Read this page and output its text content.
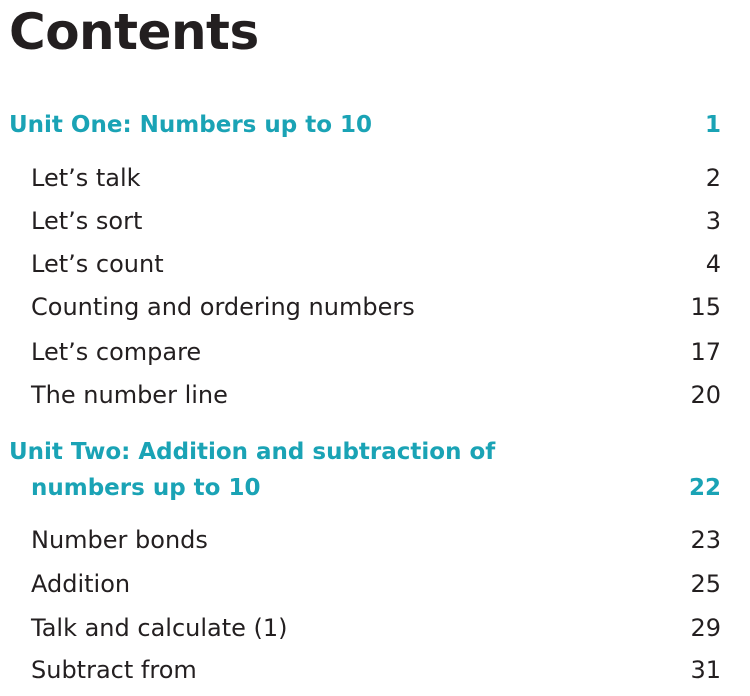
Contents
Unit One: Numbers up to 10	1
Let’s talk	2
Let’s sort	3
Let’s count	4
Counting and ordering numbers	15
Let’s compare	17
The number line	20
Unit Two: Addition and subtraction of
numbers up to 10	22
Number bonds	23
Addition	25
Talk and calculate (1)	29
Subtract from	31
